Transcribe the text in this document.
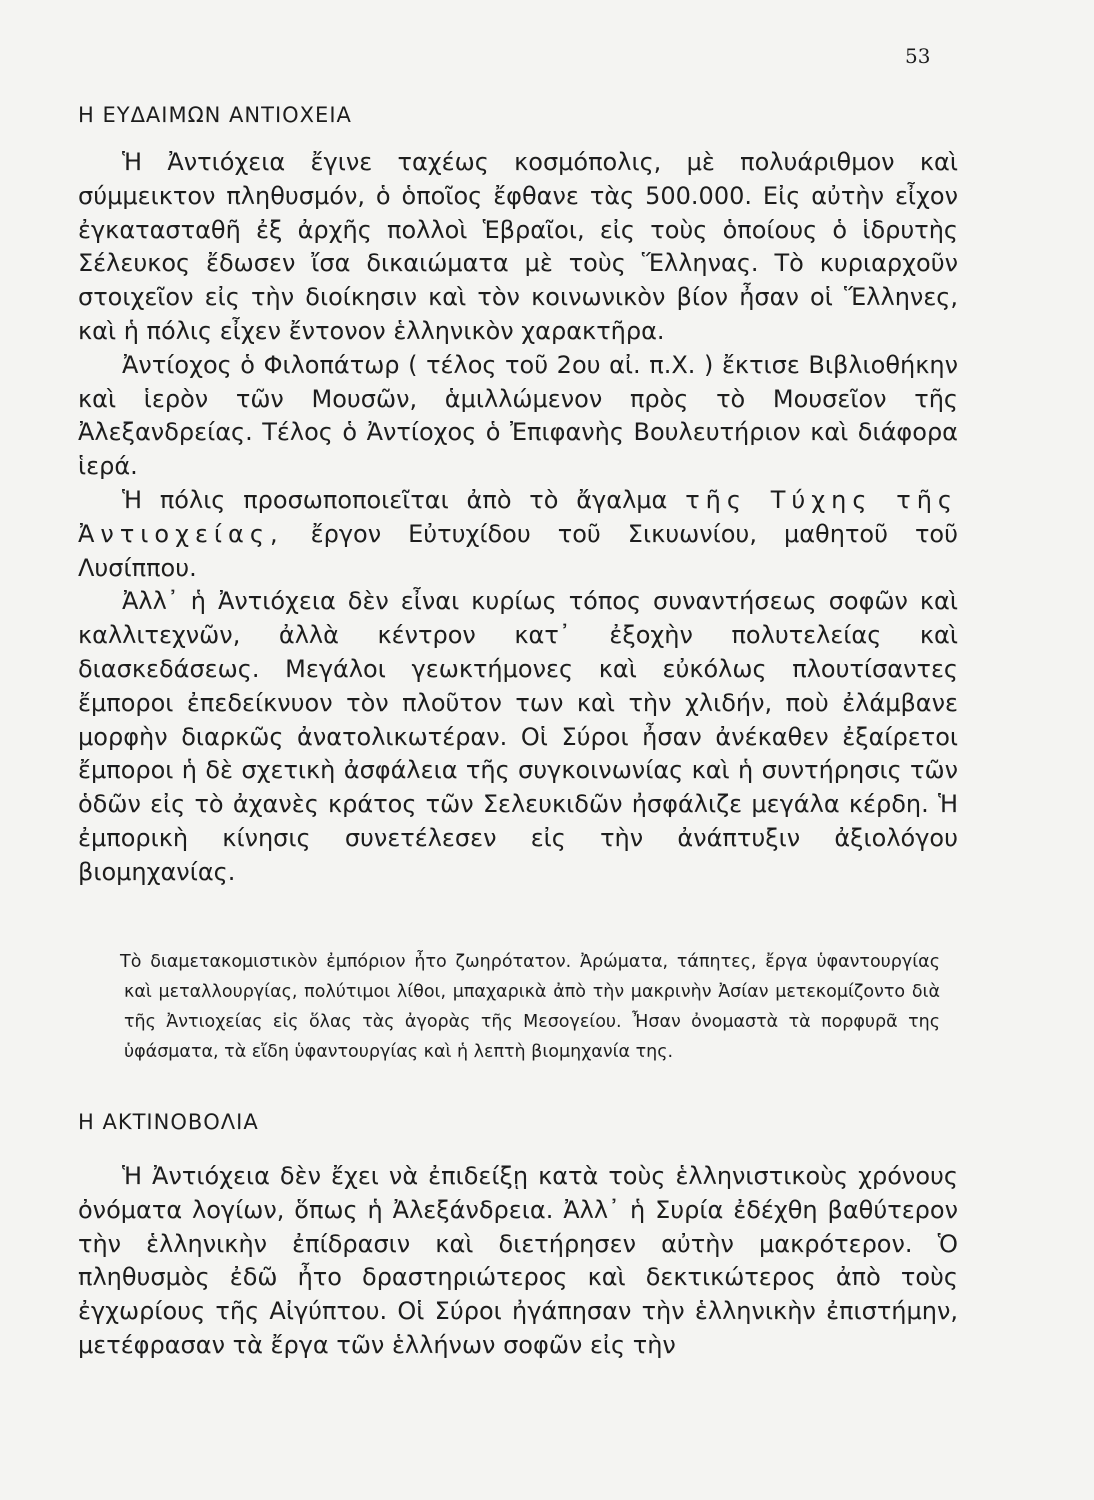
53
Η ΕΥΔΑΙΜΩΝ ΑΝΤΙΟΧΕΙΑ

Ἡ Ἀντιόχεια ἔγινε ταχέως κοσμόπολις, μὲ πολυάριθμον καὶ σύμμεικτον πληθυσμόν, ὁ ὁποῖος ἔφθανε τὰς 500.000. Εἰς αὐτὴν εἶχον ἐγκατασταθῆ ἐξ ἀρχῆς πολλοὶ Ἑβραῖοι, εἰς τοὺς ὁποίους ὁ ἱδρυτὴς Σέλευκος ἔδωσεν ἴσα δικαιώματα μὲ τοὺς Ἕλληνας. Τὸ κυριαρχοῦν στοιχεῖον εἰς τὴν διοίκησιν καὶ τὸν κοινωνικὸν βίον ἦσαν οἱ Ἕλληνες, καὶ ἡ πόλις εἶχεν ἔντονον ἑλληνικὸν χαρακτῆρα.

Ἀντίοχος ὁ Φιλοπάτωρ ( τέλος τοῦ 2ου αἰ. π.Χ. ) ἔκτισε Βιβλιοθήκην καὶ ἱερὸν τῶν Μουσῶν, ἁμιλλώμενον πρὸς τὸ Μουσεῖον τῆς Ἀλεξανδρείας. Τέλος ὁ Ἀντίοχος ὁ Ἐπιφανὴς Βουλευτήριον καὶ διάφορα ἱερά.

Ἡ πόλις προσωποποιεῖται ἀπὸ τὸ ἄγαλμα τῆς Τύχης τῆς Ἀντιοχείας, ἔργον Εὐτυχίδου τοῦ Σικυωνίου, μαθητοῦ τοῦ Λυσίππου.

Ἀλλ᾿ ἡ Ἀντιόχεια δὲν εἶναι κυρίως τόπος συναντήσεως σοφῶν καὶ καλλιτεχνῶν, ἀλλὰ κέντρον κατ᾿ ἐξοχὴν πολυτελείας καὶ διασκεδάσεως. Μεγάλοι γεωκτήμονες καὶ εὐκόλως πλουτίσαντες ἔμποροι ἐπεδείκνυον τὸν πλοῦτον των καὶ τὴν χλιδήν, ποὺ ἐλάμβανε μορφὴν διαρκῶς ἀνατολικωτέραν. Οἱ Σύροι ἦσαν ἀνέκαθεν ἐξαίρετοι ἔμποροι ἡ δὲ σχετικὴ ἀσφάλεια τῆς συγκοινωνίας καὶ ἡ συντήρησις τῶν ὁδῶν εἰς τὸ ἀχανὲς κράτος τῶν Σελευκιδῶν ἠσφάλιζε μεγάλα κέρδη. Ἡ ἐμπορικὴ κίνησις συνετέλεσεν εἰς τὴν ἀνάπτυξιν ἀξιολόγου βιομηχανίας.

Τὸ διαμετακομιστικὸν ἐμπόριον ἦτο ζωηρότατον. Ἀρώματα, τάπητες, ἔργα ὑφαντουργίας καὶ μεταλλουργίας, πολύτιμοι λίθοι, μπαχαρικὰ ἀπὸ τὴν μακρινὴν Ἀσίαν μετεκομίζοντο διὰ τῆς Ἀντιοχείας εἰς ὅλας τὰς ἀγορὰς τῆς Μεσογείου. Ἦσαν ὀνομαστὰ τὰ πορφυρᾶ της ὑφάσματα, τὰ εἴδη ὑφαντουργίας καὶ ἡ λεπτὴ βιομηχανία της.

Η ΑΚΤΙΝΟΒΟΛΙΑ

Ἡ Ἀντιόχεια δὲν ἔχει νὰ ἐπιδείξῃ κατὰ τοὺς ἑλληνιστικοὺς χρόνους ὀνόματα λογίων, ὅπως ἡ Ἀλεξάνδρεια. Ἀλλ᾿ ἡ Συρία ἐδέχθη βαθύτερον τὴν ἑλληνικὴν ἐπίδρασιν καὶ διετήρησεν αὐτὴν μακρότερον. Ὁ πληθυσμὸς ἐδῶ ἦτο δραστηριώτερος καὶ δεκτικώτερος ἀπὸ τοὺς ἐγχωρίους τῆς Αἰγύπτου. Οἱ Σύροι ἠγάπησαν τὴν ἑλληνικὴν ἐπιστήμην, μετέφρασαν τὰ ἔργα τῶν ἑλλήνων σοφῶν εἰς τὴν
